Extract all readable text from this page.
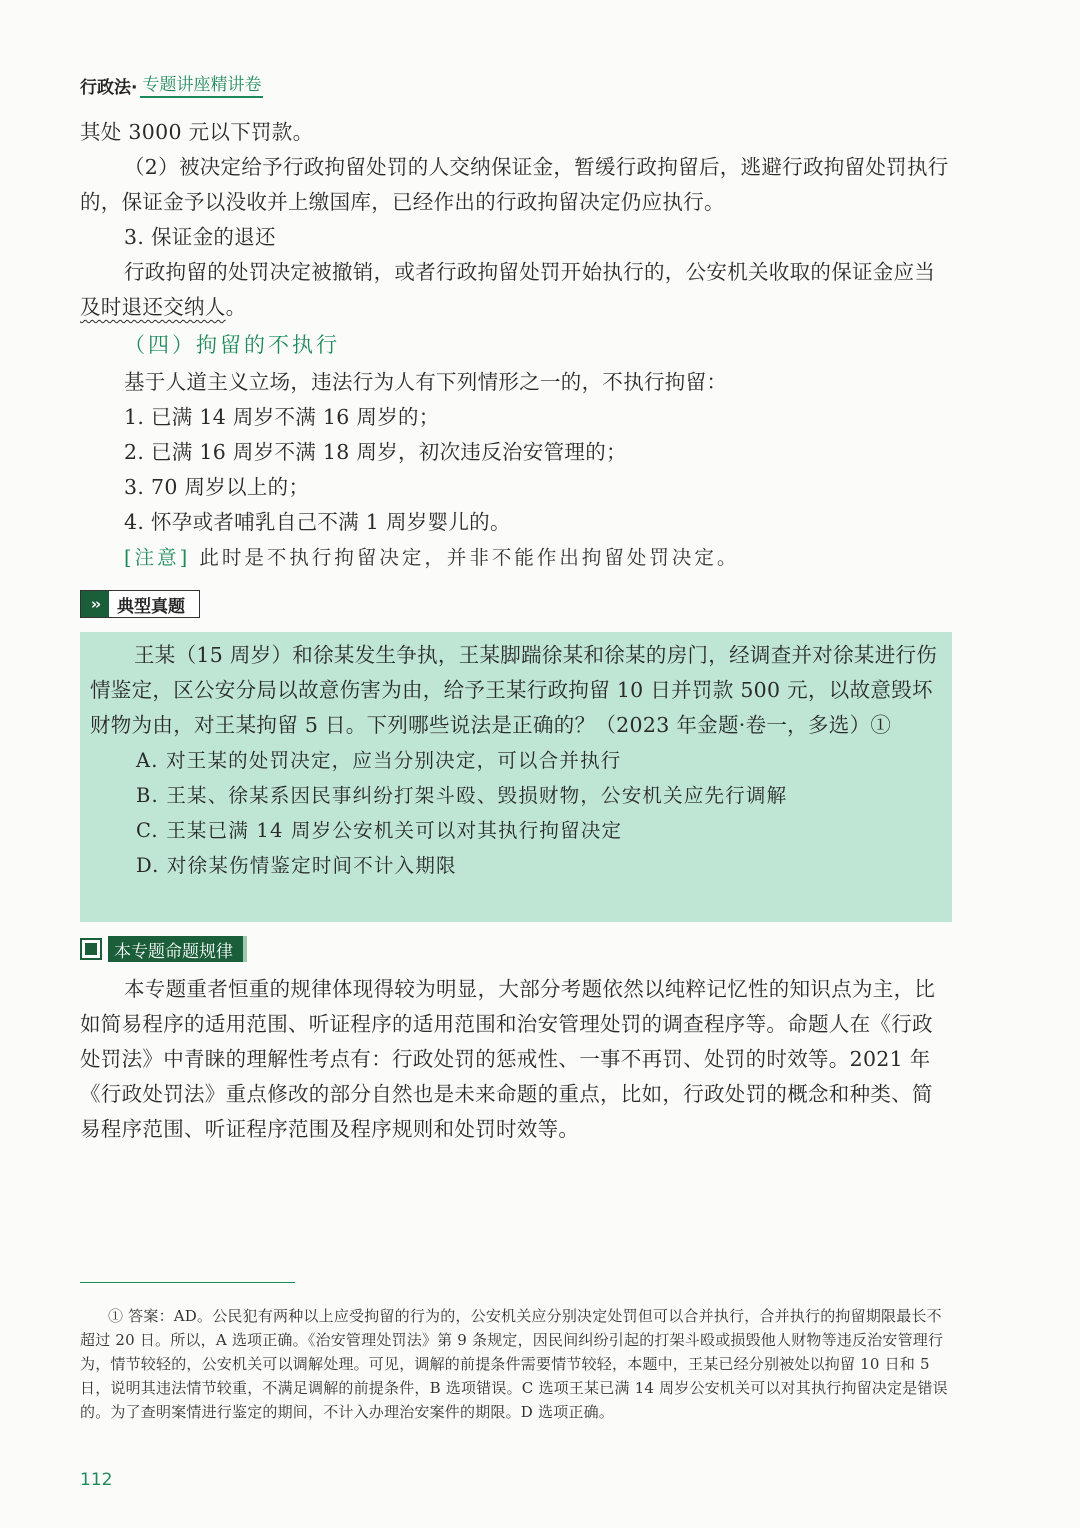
行政法· 专题讲座精讲卷

其处 3000 元以下罚款。

（2）被决定给予行政拘留处罚的人交纳保证金，暂缓行政拘留后，逃避行政拘留处罚执行的，保证金予以没收并上缴国库，已经作出的行政拘留决定仍应执行。

3. 保证金的退还

行政拘留的处罚决定被撤销，或者行政拘留处罚开始执行的，公安机关收取的保证金应当及时退还交纳人。

（四）拘留的不执行

基于人道主义立场，违法行为人有下列情形之一的，不执行拘留：

1. 已满 14 周岁不满 16 周岁的；

2. 已满 16 周岁不满 18 周岁，初次违反治安管理的；

3. 70 周岁以上的；

4. 怀孕或者哺乳自己不满 1 周岁婴儿的。

[注意] 此时是不执行拘留决定，并非不能作出拘留处罚决定。

››	典型真题

王某（15 周岁）和徐某发生争执，王某脚踹徐某和徐某的房门，经调查并对徐某进行伤情鉴定，区公安分局以故意伤害为由，给予王某行政拘留 10 日并罚款 500 元，以故意毁坏财物为由，对王某拘留 5 日。下列哪些说法是正确的？（2023 年金题·卷一，多选）①

A. 对王某的处罚决定，应当分别决定，可以合并执行

B. 王某、徐某系因民事纠纷打架斗殴、毁损财物，公安机关应先行调解

C. 王某已满 14 周岁公安机关可以对其执行拘留决定

D. 对徐某伤情鉴定时间不计入期限

本专题命题规律

本专题重者恒重的规律体现得较为明显，大部分考题依然以纯粹记忆性的知识点为主，比如简易程序的适用范围、听证程序的适用范围和治安管理处罚的调查程序等。命题人在《行政处罚法》中青睐的理解性考点有：行政处罚的惩戒性、一事不再罚、处罚的时效等。2021 年《行政处罚法》重点修改的部分自然也是未来命题的重点，比如，行政处罚的概念和种类、简易程序范围、听证程序范围及程序规则和处罚时效等。

① 答案：AD。公民犯有两种以上应受拘留的行为的，公安机关应分别决定处罚但可以合并执行，合并执行的拘留期限最长不超过 20 日。所以，A 选项正确。《治安管理处罚法》第 9 条规定，因民间纠纷引起的打架斗殴或损毁他人财物等违反治安管理行为，情节较轻的，公安机关可以调解处理。可见，调解的前提条件需要情节较轻，本题中，王某已经分别被处以拘留 10 日和 5 日，说明其违法情节较重，不满足调解的前提条件，B 选项错误。C 选项王某已满 14 周岁公安机关可以对其执行拘留决定是错误的。为了查明案情进行鉴定的期间，不计入办理治安案件的期限。D 选项正确。

112
